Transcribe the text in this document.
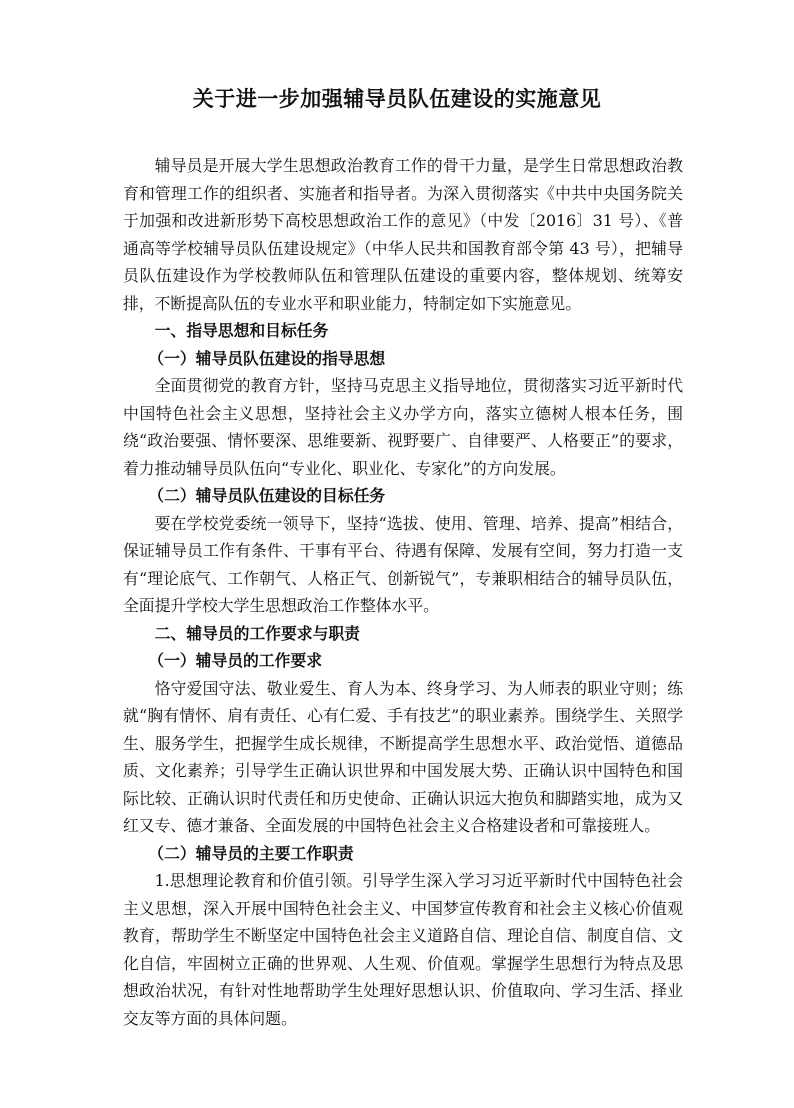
关于进一步加强辅导员队伍建设的实施意见

辅导员是开展大学生思想政治教育工作的骨干力量，是学生日常思想政治教育和管理工作的组织者、实施者和指导者。为深入贯彻落实《中共中央国务院关于加强和改进新形势下高校思想政治工作的意见》（中发〔2016〕31 号）、《普通高等学校辅导员队伍建设规定》（中华人民共和国教育部令第 43 号），把辅导员队伍建设作为学校教师队伍和管理队伍建设的重要内容，整体规划、统筹安排，不断提高队伍的专业水平和职业能力，特制定如下实施意见。

一、指导思想和目标任务
（一）辅导员队伍建设的指导思想

全面贯彻党的教育方针，坚持马克思主义指导地位，贯彻落实习近平新时代中国特色社会主义思想，坚持社会主义办学方向，落实立德树人根本任务，围绕“政治要强、情怀要深、思维要新、视野要广、自律要严、人格要正”的要求，着力推动辅导员队伍向“专业化、职业化、专家化”的方向发展。

（二）辅导员队伍建设的目标任务

要在学校党委统一领导下，坚持“选拔、使用、管理、培养、提高”相结合，保证辅导员工作有条件、干事有平台、待遇有保障、发展有空间，努力打造一支有“理论底气、工作朝气、人格正气、创新锐气”，专兼职相结合的辅导员队伍，全面提升学校大学生思想政治工作整体水平。

二、辅导员的工作要求与职责
（一）辅导员的工作要求

恪守爱国守法、敬业爱生、育人为本、终身学习、为人师表的职业守则；练就“胸有情怀、肩有责任、心有仁爱、手有技艺”的职业素养。围绕学生、关照学生、服务学生，把握学生成长规律，不断提高学生思想水平、政治觉悟、道德品质、文化素养；引导学生正确认识世界和中国发展大势、正确认识中国特色和国际比较、正确认识时代责任和历史使命、正确认识远大抱负和脚踏实地，成为又红又专、德才兼备、全面发展的中国特色社会主义合格建设者和可靠接班人。

（二）辅导员的主要工作职责

1.思想理论教育和价值引领。引导学生深入学习习近平新时代中国特色社会主义思想，深入开展中国特色社会主义、中国梦宣传教育和社会主义核心价值观教育，帮助学生不断坚定中国特色社会主义道路自信、理论自信、制度自信、文化自信，牢固树立正确的世界观、人生观、价值观。掌握学生思想行为特点及思想政治状况，有针对性地帮助学生处理好思想认识、价值取向、学习生活、择业交友等方面的具体问题。
